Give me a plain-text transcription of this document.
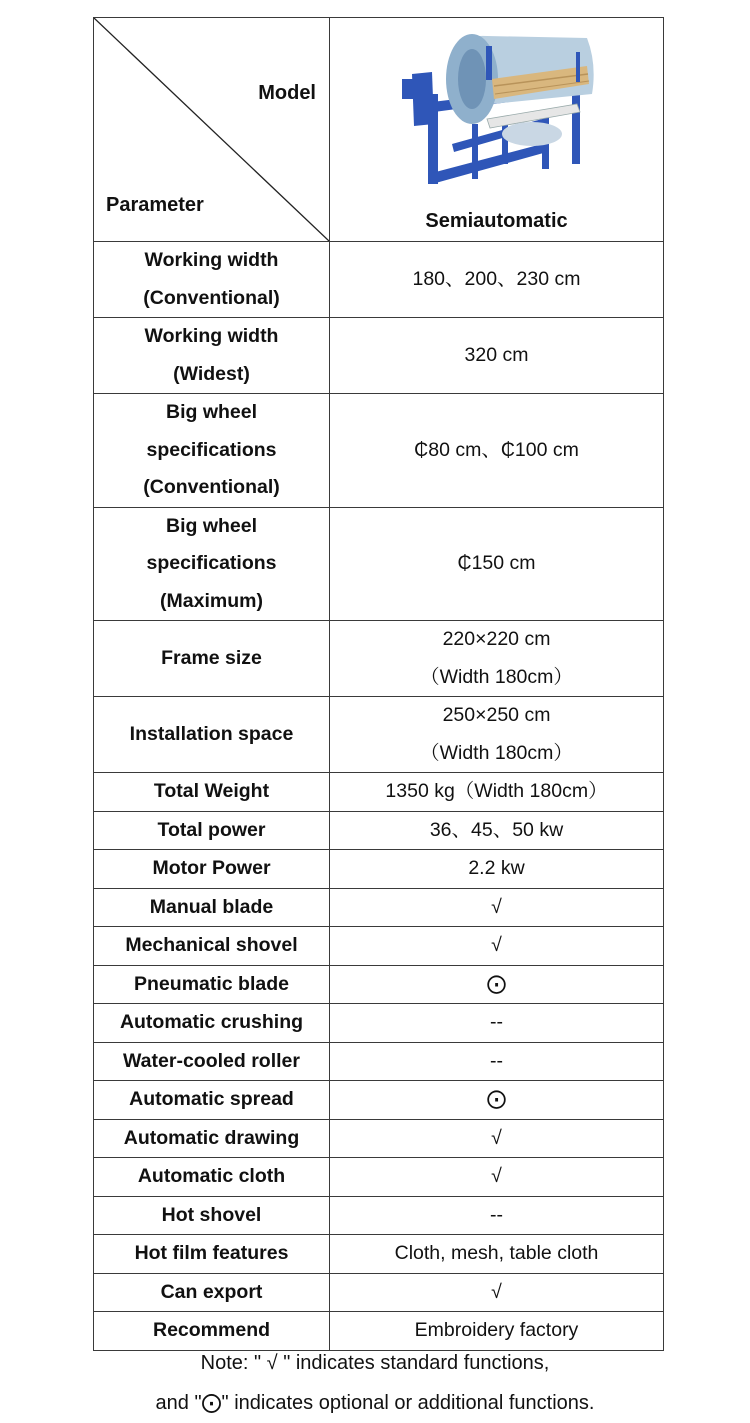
Model
Parameter	Semiautomatic

Working width
(Conventional)	180、200、230 cm

Working width
(Widest)	320 cm

Big wheel
specifications
(Conventional)	₵80 cm、₵100 cm

Big wheel
specifications
(Maximum)	₵150 cm

Frame size	220×220 cm
（Width 180cm）

Installation space	250×250 cm
（Width 180cm）

Total Weight	1350 kg（Width 180cm）

Total power	36、45、50 kw

Motor Power	2.2 kw

Manual blade	√

Mechanical shovel	√

Pneumatic blade	⨀

Automatic crushing	--

Water-cooled roller	--

Automatic spread	⨀

Automatic drawing	√

Automatic cloth	√

Hot shovel	--

Hot film features	Cloth, mesh, table cloth

Can export	√

Recommend	Embroidery factory
Note: " √ " indicates standard functions,
and "⨀" indicates optional or additional functions.
